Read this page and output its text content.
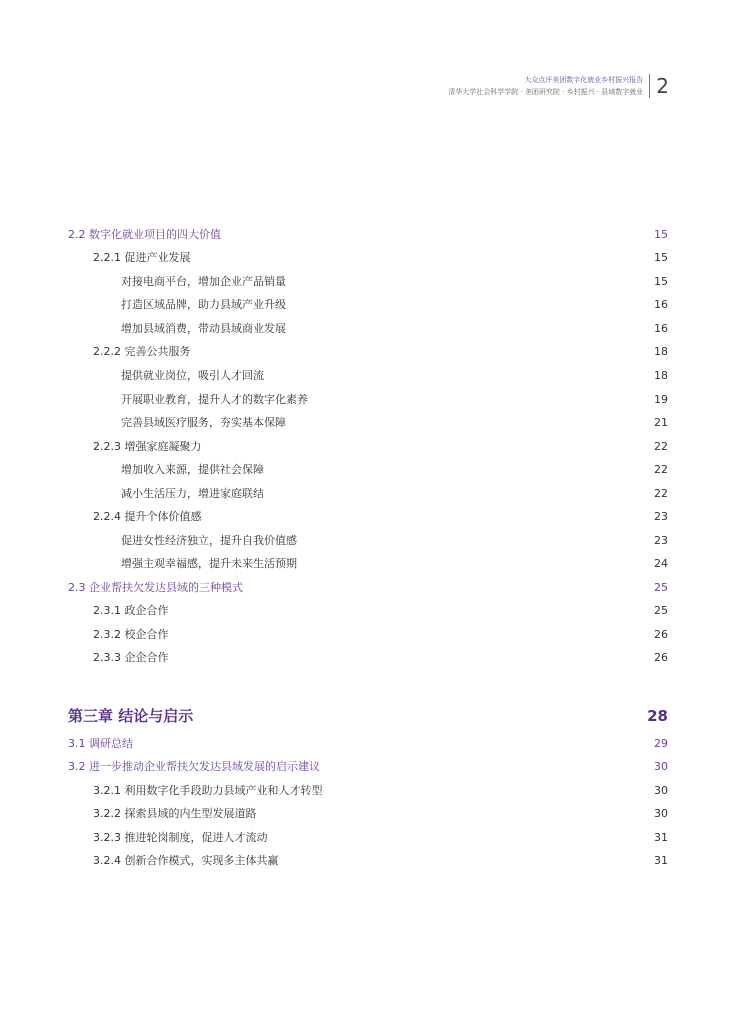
大众点评美团数字化就业乡村振兴报告
清华大学社会科学学院 · 美团研究院 · 乡村振兴 · 县域数字就业 2
2.2 数字化就业项目的四大价值	15
2.2.1 促进产业发展	15
对接电商平台，增加企业产品销量	15
打造区域品牌，助力县域产业升级	16
增加县域消费，带动县域商业发展	16
2.2.2 完善公共服务	18
提供就业岗位，吸引人才回流	18
开展职业教育，提升人才的数字化素养	19
完善县域医疗服务，夯实基本保障	21
2.2.3 增强家庭凝聚力	22
增加收入来源，提供社会保障	22
减小生活压力，增进家庭联结	22
2.2.4 提升个体价值感	23
促进女性经济独立，提升自我价值感	23
增强主观幸福感，提升未来生活预期	24
2.3 企业帮扶欠发达县域的三种模式	25
2.3.1 政企合作	25
2.3.2 校企合作	26
2.3.3 企企合作	26
第三章 结论与启示	28
3.1 调研总结	29
3.2 进一步推动企业帮扶欠发达县域发展的启示建议	30
3.2.1 利用数字化手段助力县域产业和人才转型	30
3.2.2 探索县域的内生型发展道路	30
3.2.3 推进轮岗制度，促进人才流动	31
3.2.4 创新合作模式，实现多主体共赢	31
